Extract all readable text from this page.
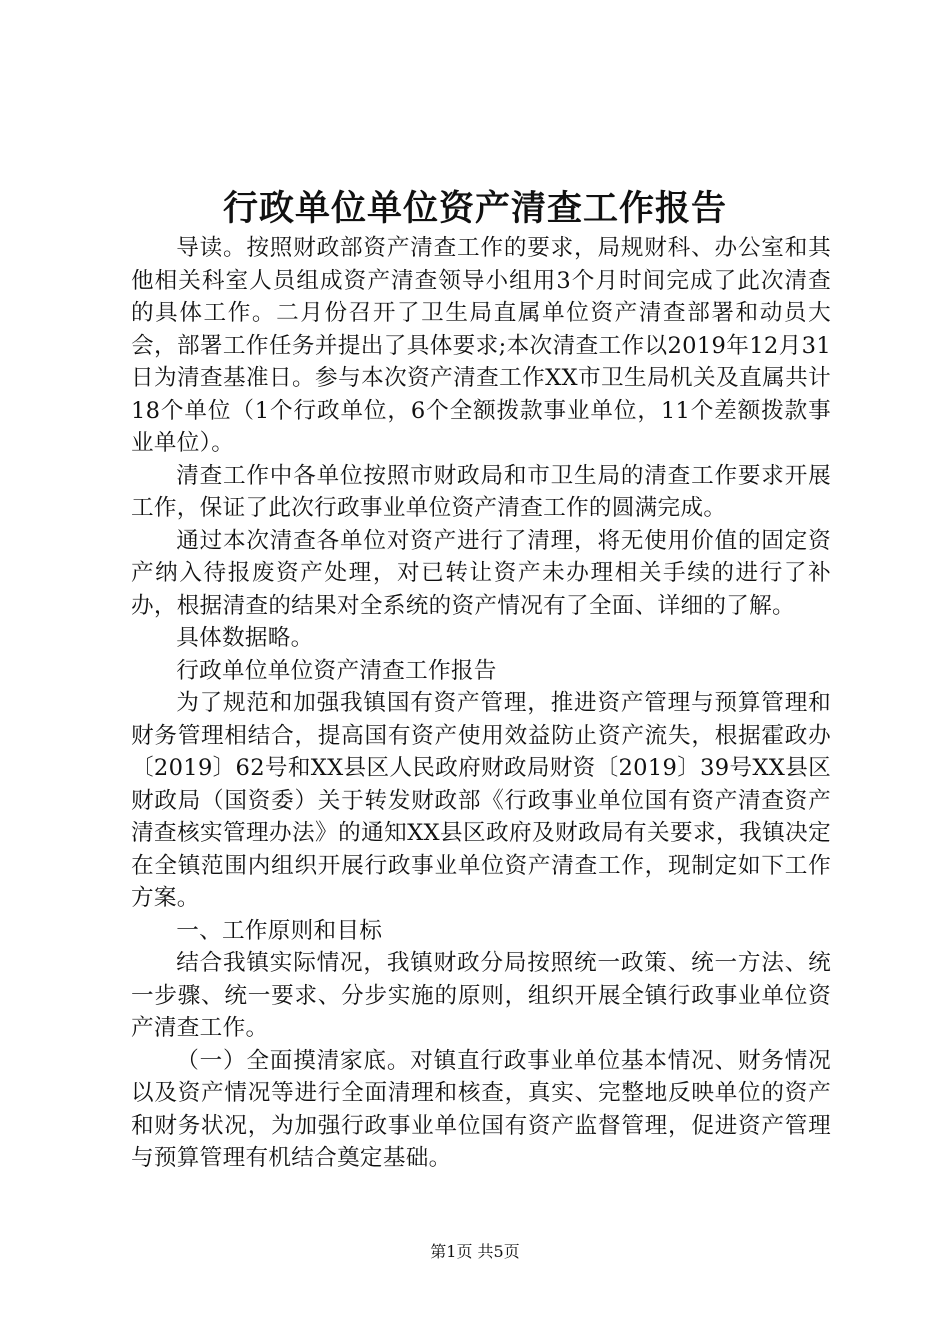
行政单位单位资产清查工作报告

导读。按照财政部资产清查工作的要求，局规财科、办公室和其他相关科室人员组成资产清查领导小组用3个月时间完成了此次清查的具体工作。二月份召开了卫生局直属单位资产清查部署和动员大会，部署工作任务并提出了具体要求;本次清查工作以2019年12月31日为清查基准日。参与本次资产清查工作XX市卫生局机关及直属共计18个单位（1个行政单位，6个全额拨款事业单位，11个差额拨款事业单位）。

清查工作中各单位按照市财政局和市卫生局的清查工作要求开展工作，保证了此次行政事业单位资产清查工作的圆满完成。

通过本次清查各单位对资产进行了清理，将无使用价值的固定资产纳入待报废资产处理，对已转让资产未办理相关手续的进行了补办，根据清查的结果对全系统的资产情况有了全面、详细的了解。

具体数据略。

行政单位单位资产清查工作报告

为了规范和加强我镇国有资产管理，推进资产管理与预算管理和财务管理相结合，提高国有资产使用效益防止资产流失，根据霍政办〔2019〕62号和XX县区人民政府财政局财资〔2019〕39号XX县区财政局（国资委）关于转发财政部《行政事业单位国有资产清查资产清查核实管理办法》的通知XX县区政府及财政局有关要求，我镇决定在全镇范围内组织开展行政事业单位资产清查工作，现制定如下工作方案。

一、工作原则和目标

结合我镇实际情况，我镇财政分局按照统一政策、统一方法、统一步骤、统一要求、分步实施的原则，组织开展全镇行政事业单位资产清查工作。

（一）全面摸清家底。对镇直行政事业单位基本情况、财务情况以及资产情况等进行全面清理和核查，真实、完整地反映单位的资产和财务状况，为加强行政事业单位国有资产监督管理，促进资产管理与预算管理有机结合奠定基础。

第1页 共5页
